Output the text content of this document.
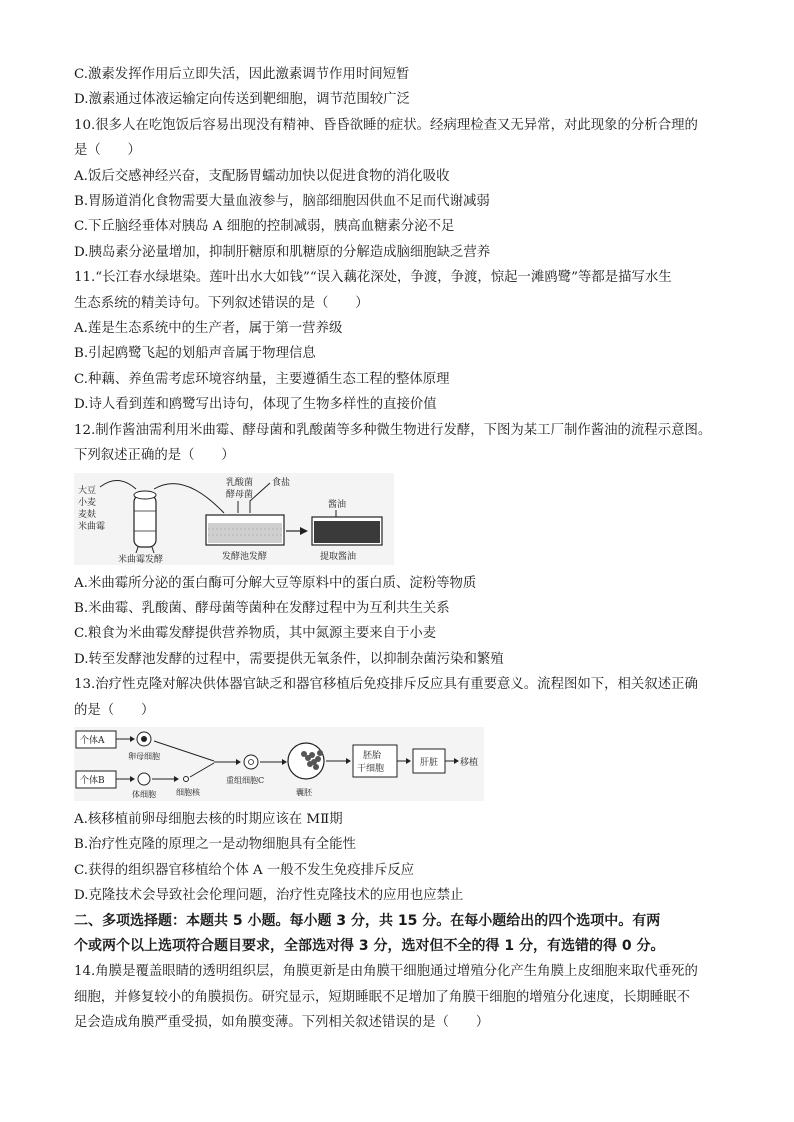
C.激素发挥作用后立即失活，因此激素调节作用时间短暂
D.激素通过体液运输定向传送到靶细胞，调节范围较广泛
10.很多人在吃饱饭后容易出现没有精神、昏昏欲睡的症状。经病理检查又无异常，对此现象的分析合理的
是（　　）
A.饭后交感神经兴奋，支配肠胃蠕动加快以促进食物的消化吸收
B.胃肠道消化食物需要大量血液参与，脑部细胞因供血不足而代谢减弱
C.下丘脑经垂体对胰岛 A 细胞的控制减弱，胰高血糖素分泌不足
D.胰岛素分泌量增加，抑制肝糖原和肌糖原的分解造成脑细胞缺乏营养
11.“长江春水绿堪染。莲叶出水大如钱”“误入藕花深处，争渡，争渡，惊起一滩鸥鹭”等都是描写水生
生态系统的精美诗句。下列叙述错误的是（　　）
A.莲是生态系统中的生产者，属于第一营养级
B.引起鸥鹭飞起的划船声音属于物理信息
C.种藕、养鱼需考虑环境容纳量，主要遵循生态工程的整体原理
D.诗人看到莲和鸥鹭写出诗句，体现了生物多样性的直接价值
12.制作酱油需利用米曲霉、酵母菌和乳酸菌等多种微生物进行发酵，下图为某工厂制作酱油的流程示意图。
下列叙述正确的是（　　）
大豆
小麦
麦麸
米曲霉
米曲霉发酵
乳酸菌
酵母菌
食盐
发酵池发酵
酱油
提取酱油
A.米曲霉所分泌的蛋白酶可分解大豆等原料中的蛋白质、淀粉等物质
B.米曲霉、乳酸菌、酵母菌等菌种在发酵过程中为互利共生关系
C.粮食为米曲霉发酵提供营养物质，其中氮源主要来自于小麦
D.转至发酵池发酵的过程中，需要提供无氧条件，以抑制杂菌污染和繁殖
13.治疗性克隆对解决供体器官缺乏和器官移植后免疫排斥反应具有重要意义。流程图如下，相关叙述正确
的是（　　）
个体A
卵母细胞
个体B
体细胞	细胞核
重组细胞C
囊胚
胚胎
干细胞
肝脏 移植
A.核移植前卵母细胞去核的时期应该在 MⅡ期
B.治疗性克隆的原理之一是动物细胞具有全能性
C.获得的组织器官移植给个体 A 一般不发生免疫排斥反应
D.克隆技术会导致社会伦理问题，治疗性克隆技术的应用也应禁止
二、多项选择题：本题共 5 小题。每小题 3 分，共 15 分。在每小题给出的四个选项中。有两
个或两个以上选项符合题目要求，全部选对得 3 分，选对但不全的得 1 分，有选错的得 0 分。
14.角膜是覆盖眼睛的透明组织层，角膜更新是由角膜干细胞通过增殖分化产生角膜上皮细胞来取代垂死的
细胞，并修复较小的角膜损伤。研究显示，短期睡眠不足增加了角膜干细胞的增殖分化速度，长期睡眠不
足会造成角膜严重受损，如角膜变薄。下列相关叙述错误的是（　　）
